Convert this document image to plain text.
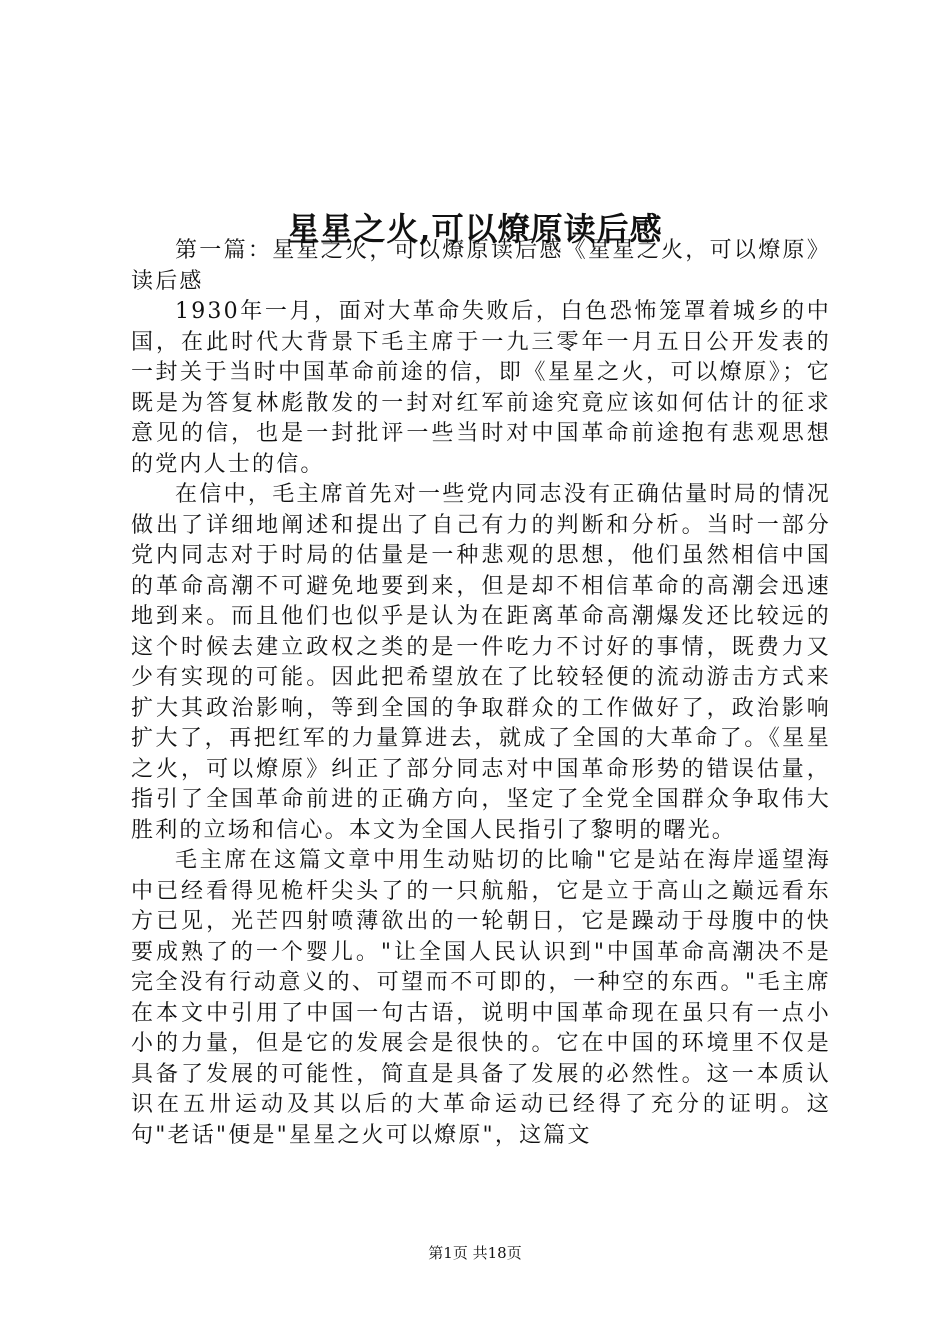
星星之火,可以燎原读后感

第一篇：星星之火，可以燎原读后感《星星之火，可以燎原》读后感

1930年一月，面对大革命失败后，白色恐怖笼罩着城乡的中国，在此时代大背景下毛主席于一九三零年一月五日公开发表的一封关于当时中国革命前途的信，即《星星之火，可以燎原》；它既是为答复林彪散发的一封对红军前途究竟应该如何估计的征求意见的信，也是一封批评一些当时对中国革命前途抱有悲观思想的党内人士的信。

在信中，毛主席首先对一些党内同志没有正确估量时局的情况做出了详细地阐述和提出了自己有力的判断和分析。当时一部分党内同志对于时局的估量是一种悲观的思想，他们虽然相信中国的革命高潮不可避免地要到来，但是却不相信革命的高潮会迅速地到来。而且他们也似乎是认为在距离革命高潮爆发还比较远的这个时候去建立政权之类的是一件吃力不讨好的事情，既费力又少有实现的可能。因此把希望放在了比较轻便的流动游击方式来扩大其政治影响，等到全国的争取群众的工作做好了，政治影响扩大了，再把红军的力量算进去，就成了全国的大革命了。《星星之火，可以燎原》纠正了部分同志对中国革命形势的错误估量，指引了全国革命前进的正确方向，坚定了全党全国群众争取伟大胜利的立场和信心。本文为全国人民指引了黎明的曙光。

毛主席在这篇文章中用生动贴切的比喻"它是站在海岸遥望海中已经看得见桅杆尖头了的一只航船，它是立于高山之巅远看东方已见，光芒四射喷薄欲出的一轮朝日，它是躁动于母腹中的快要成熟了的一个婴儿。"让全国人民认识到"中国革命高潮决不是完全没有行动意义的、可望而不可即的，一种空的东西。"毛主席在本文中引用了中国一句古语，说明中国革命现在虽只有一点小小的力量，但是它的发展会是很快的。它在中国的环境里不仅是具备了发展的可能性，简直是具备了发展的必然性。这一本质认识在五卅运动及其以后的大革命运动已经得了充分的证明。这句"老话"便是"星星之火可以燎原"，这篇文

第1页 共18页
